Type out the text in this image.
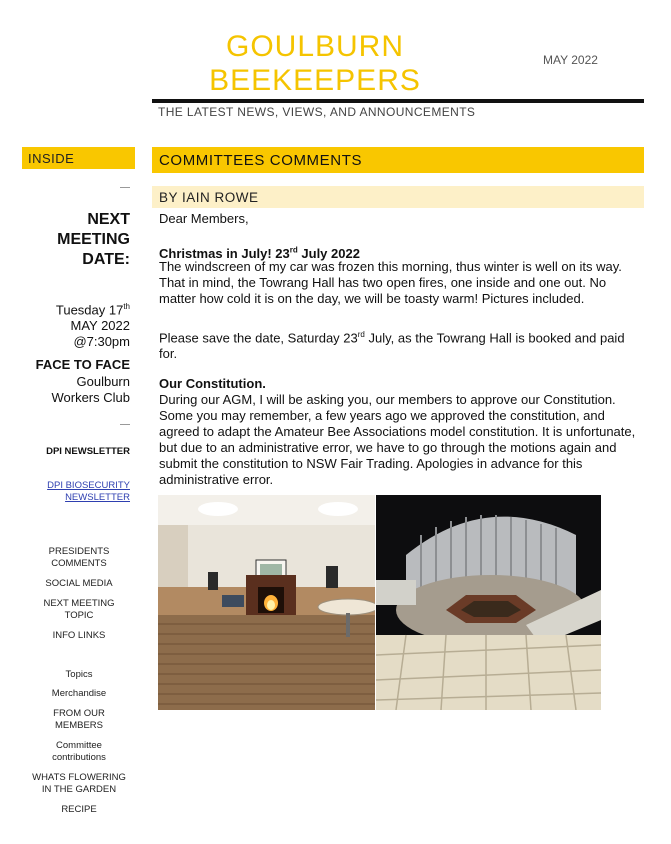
GOULBURN
BEEKEEPERS
MAY 2022
THE LATEST NEWS, VIEWS, AND ANNOUNCEMENTS
INSIDE
NEXT
MEETING
DATE:
Tuesday 17th
MAY 2022
@7:30pm
FACE TO FACE
Goulburn
Workers Club
DPI NEWSLETTER
DPI BIOSECURITY
NEWSLETTER
PRESIDENTS
COMMENTS
SOCIAL MEDIA
NEXT MEETING
TOPIC
INFO LINKS
Topics
Merchandise
FROM OUR
MEMBERS
Committee
contributions
WHATS FLOWERING
IN THE GARDEN
RECIPE
COMMITTEES COMMENTS
BY IAIN ROWE
Dear Members,
Christmas in July! 23rd July 2022
The windscreen of my car was frozen this morning, thus winter is well on its way. That in mind, the Towrang Hall has two open fires, one inside and one out. No matter how cold it is on the day, we will be toasty warm! Pictures included.
Please save the date, Saturday 23rd July, as the Towrang Hall is booked and paid for.
Our Constitution.
During our AGM, I will be asking you, our members to approve our Constitution. Some you may remember, a few years ago we approved the constitution, and agreed to adapt the Amateur Bee Associations model constitution. It is unfortunate, but due to an administrative error, we have to go through the motions again and submit the constitution to NSW Fair Trading. Apologies in advance for this administrative error.
